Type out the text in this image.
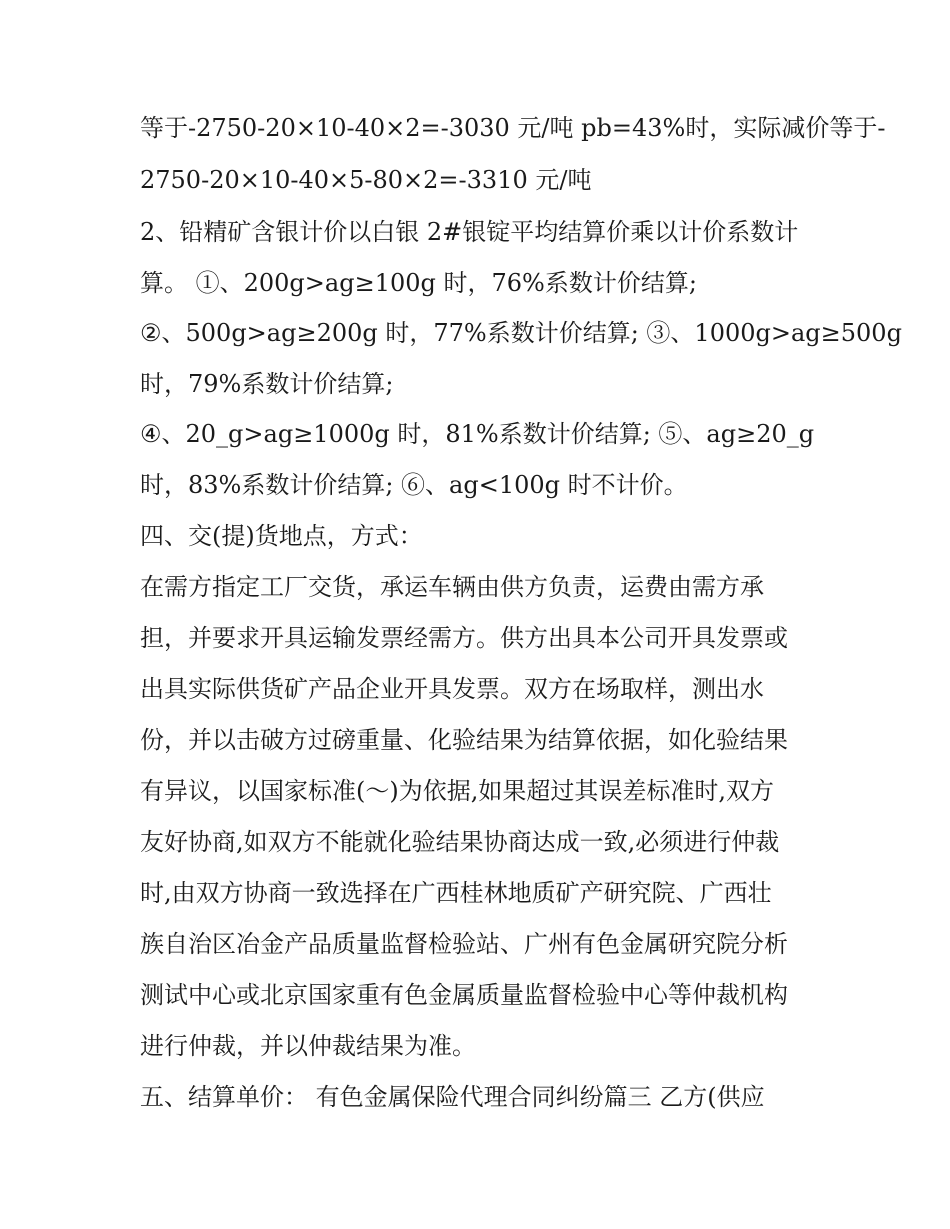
等于-2750-20×10-40×2=-3030 元/吨 pb=43%时，实际减价等于-
2750-20×10-40×5-80×2=-3310 元/吨
2、铅精矿含银计价以白银 2#银锭平均结算价乘以计价系数计
算。 ①、200g>ag≥100g 时，76%系数计价结算;
②、500g>ag≥200g 时，77%系数计价结算; ③、1000g>ag≥500g
时，79%系数计价结算;
④、20_g>ag≥1000g 时，81%系数计价结算; ⑤、ag≥20_g
时，83%系数计价结算; ⑥、ag<100g 时不计价。
四、交(提)货地点，方式：
在需方指定工厂交货，承运车辆由供方负责，运费由需方承
担，并要求开具运输发票经需方。供方出具本公司开具发票或
出具实际供货矿产品企业开具发票。双方在场取样，测出水
份，并以击破方过磅重量、化验结果为结算依据，如化验结果
有异议，以国家标准(～)为依据,如果超过其误差标准时,双方
友好协商,如双方不能就化验结果协商达成一致,必须进行仲裁
时,由双方协商一致选择在广西桂林地质矿产研究院、广西壮
族自治区冶金产品质量监督检验站、广州有色金属研究院分析
测试中心或北京国家重有色金属质量监督检验中心等仲裁机构
进行仲裁，并以仲裁结果为准。
五、结算单价： 有色金属保险代理合同纠纷篇三 乙方(供应
